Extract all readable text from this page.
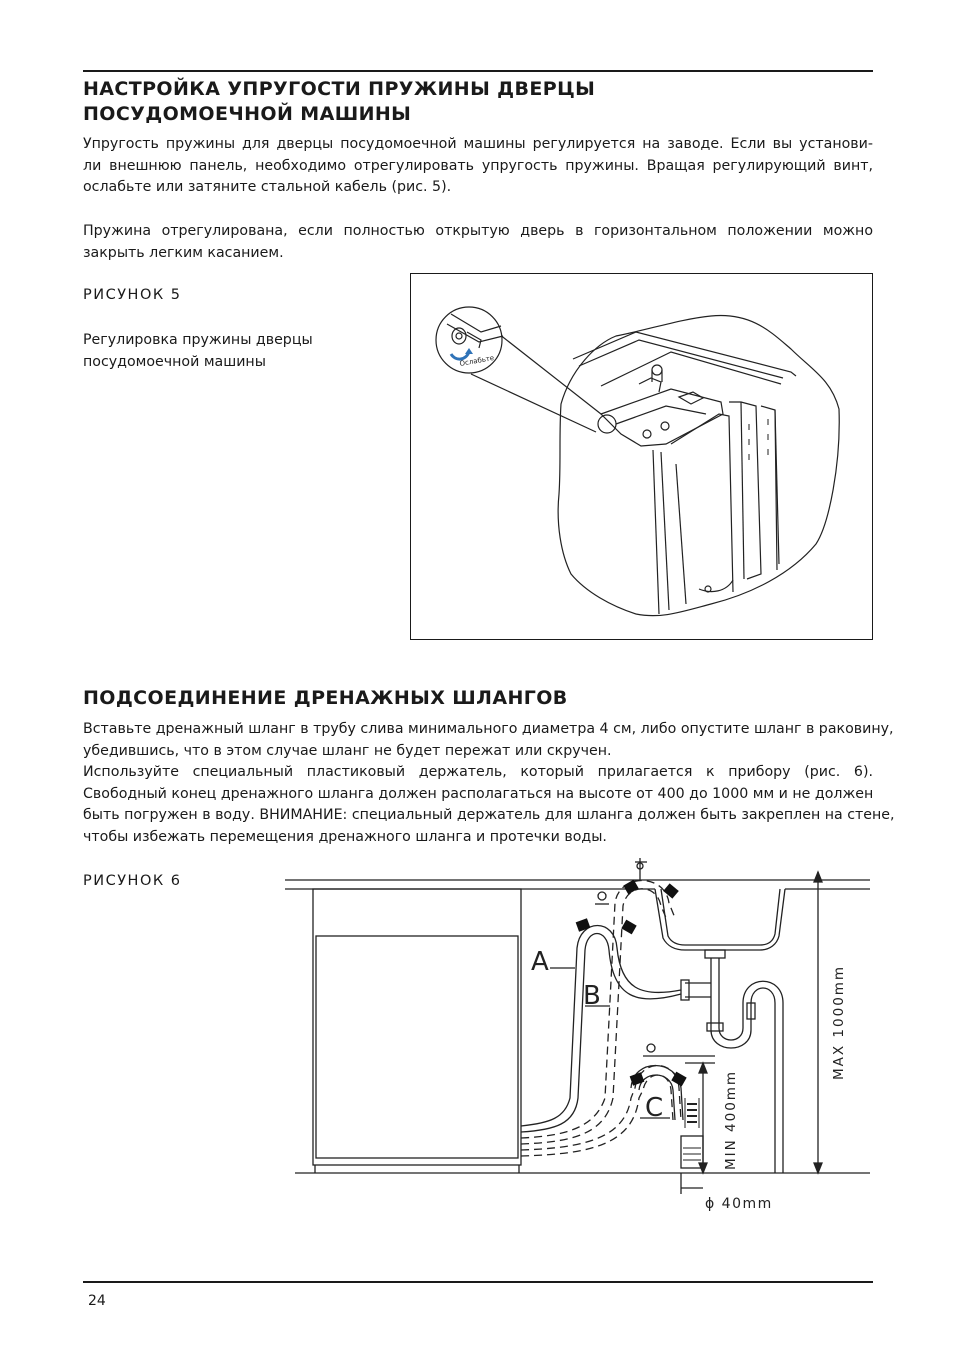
НАСТРОЙКА УПРУГОСТИ ПРУЖИНЫ ДВЕРЦЫ
ПОСУДОМОЕЧНОЙ МАШИНЫ

Упругость пружины для дверцы посудомоечной машины регулируется на заводе. Если вы установи-
ли внешнюю панель, необходимо отрегулировать упругость пружины. Вращая регулирующий винт,
ослабьте или затяните стальной кабель (рис. 5).

Пружина отрегулирована, если полностью открытую дверь в горизонтальном положении можно
закрыть легким касанием.

РИСУНОК 5

Регулировка пружины дверцы
посудомоечной машины	Ослабьте
ПОДСОЕДИНЕНИЕ ДРЕНАЖНЫХ ШЛАНГОВ

Вставьте дренажный шланг в трубу слива минимального диаметра 4 см, либо опустите шланг в раковину,
убедившись, что в этом случае шланг не будет пережат или скручен.
Используйте специальный пластиковый держатель, который прилагается к прибору (рис. 6).
Свободный конец дренажного шланга должен располагаться на высоте от 400 до 1000 мм и не должен
быть погружен в воду. ВНИМАНИЕ: специальный держатель для шланга должен быть закреплен на стене,
чтобы избежать перемещения дренажного шланга и протечки воды.

РИСУНОК 6

A
B
C
MAX 1000mm
MIN 400mm
ϕ 40mm

24
